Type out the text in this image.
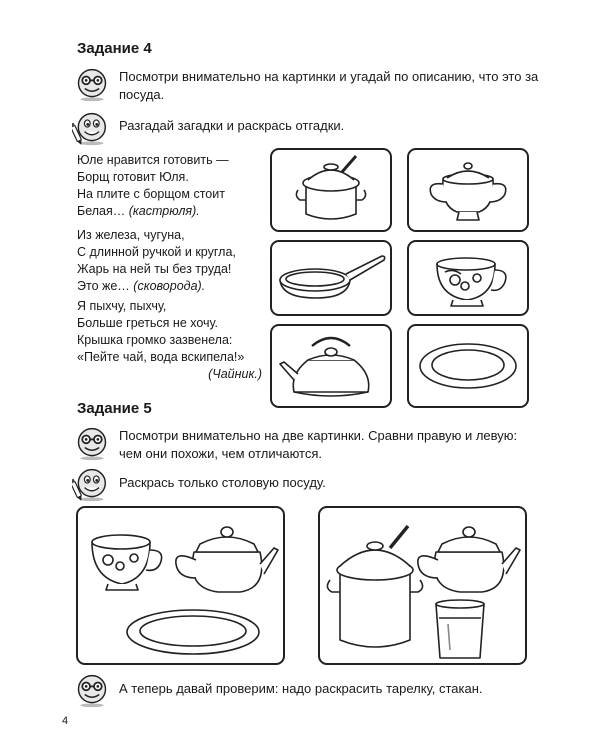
Задание 4
Посмотри внимательно на картинки и угадай по описанию, что это за посуда.
Разгадай загадки и раскрась отгадки.
Юле нравится готовить —
Борщ готовит Юля.
На плите с борщом стоит
Белая… (кастрюля).
Из железа, чугуна,
С длинной ручкой и кругла,
Жарь на ней ты без труда!
Это же… (сковорода).
Я пыхчу, пыхчу,
Больше греться не хочу.
Крышка громко зазвенела:
«Пейте чай, вода вскипела!»
(Чайник.)
Задание 5
Посмотри внимательно на две картинки. Сравни правую и левую: чем они похожи, чем отличаются.
Раскрась только столовую посуду.
А теперь давай проверим: надо раскрасить тарелку, стакан.
4
